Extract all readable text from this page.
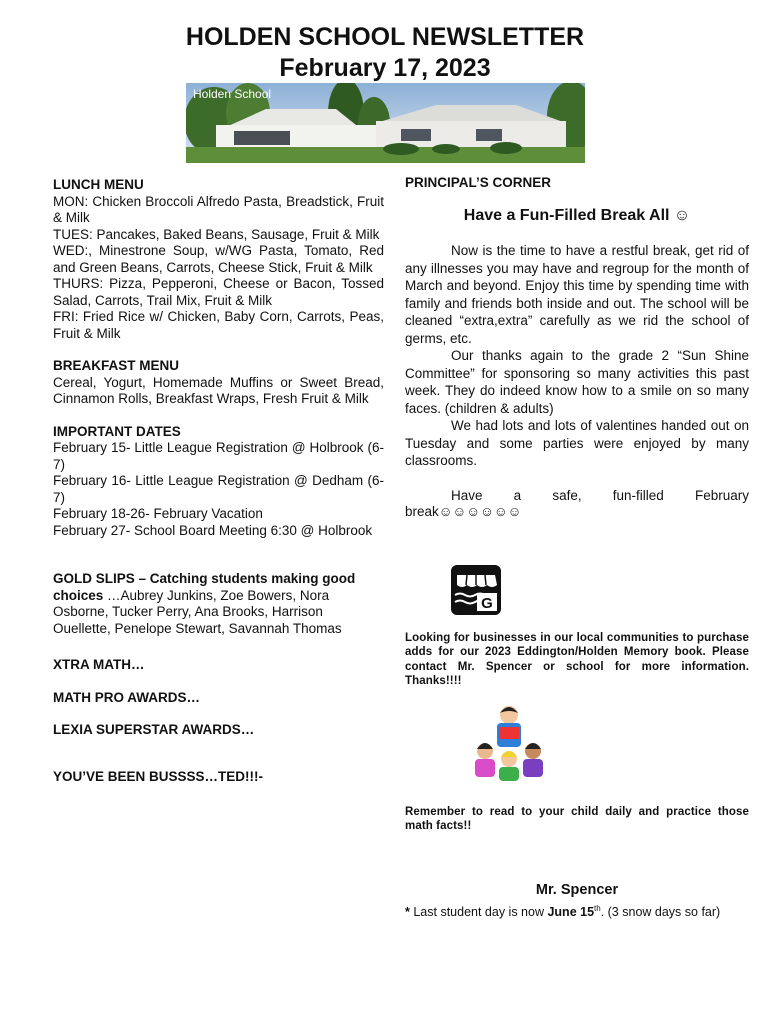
HOLDEN SCHOOL NEWSLETTER
February 17, 2023
Holden School
LUNCH MENU
MON: Chicken Broccoli Alfredo Pasta, Breadstick, Fruit & Milk
TUES: Pancakes, Baked Beans, Sausage, Fruit & Milk
WED:, Minestrone Soup, w/WG Pasta, Tomato, Red and Green Beans, Carrots, Cheese Stick, Fruit & Milk
THURS: Pizza, Pepperoni, Cheese or Bacon, Tossed Salad, Carrots, Trail Mix, Fruit & Milk
FRI: Fried Rice w/ Chicken, Baby Corn, Carrots, Peas, Fruit & Milk
BREAKFAST MENU
Cereal, Yogurt, Homemade Muffins or Sweet Bread, Cinnamon Rolls, Breakfast Wraps, Fresh Fruit & Milk
IMPORTANT DATES
February 15- Little League Registration @ Holbrook (6-7)
February 16- Little League Registration @ Dedham (6-7)
February 18-26- February Vacation
February 27- School Board Meeting 6:30 @ Holbrook
GOLD SLIPS – Catching students making good choices …Aubrey Junkins, Zoe Bowers, Nora Osborne, Tucker Perry, Ana Brooks, Harrison Ouellette, Penelope Stewart, Savannah Thomas
XTRA MATH…
MATH PRO AWARDS…
LEXIA SUPERSTAR AWARDS…
YOU’VE BEEN BUSSSS…TED!!!-
PRINCIPAL’S CORNER
Have a Fun-Filled Break All ☺
Now is the time to have a restful break, get rid of any illnesses you may have and regroup for the month of March and beyond. Enjoy this time by spending time with family and friends both inside and out. The school will be cleaned “extra,extra” carefully as we rid the school of germs, etc.
Our thanks again to the grade 2 “Sun Shine Committee” for sponsoring so many activities this past week. They do indeed know how to a smile on so many faces. (children & adults)
We had lots and lots of valentines handed out on Tuesday and some parties were enjoyed by many classrooms.
Have a safe, fun-filled February
break☺☺☺☺☺☺
G
Looking for businesses in our local communities to purchase adds for our 2023 Eddington/Holden Memory book. Please contact Mr. Spencer or school for more information. Thanks!!!!
Remember to read to your child daily and practice those math facts!!
Mr. Spencer
* Last student day is now June 15th. (3 snow days so far)
